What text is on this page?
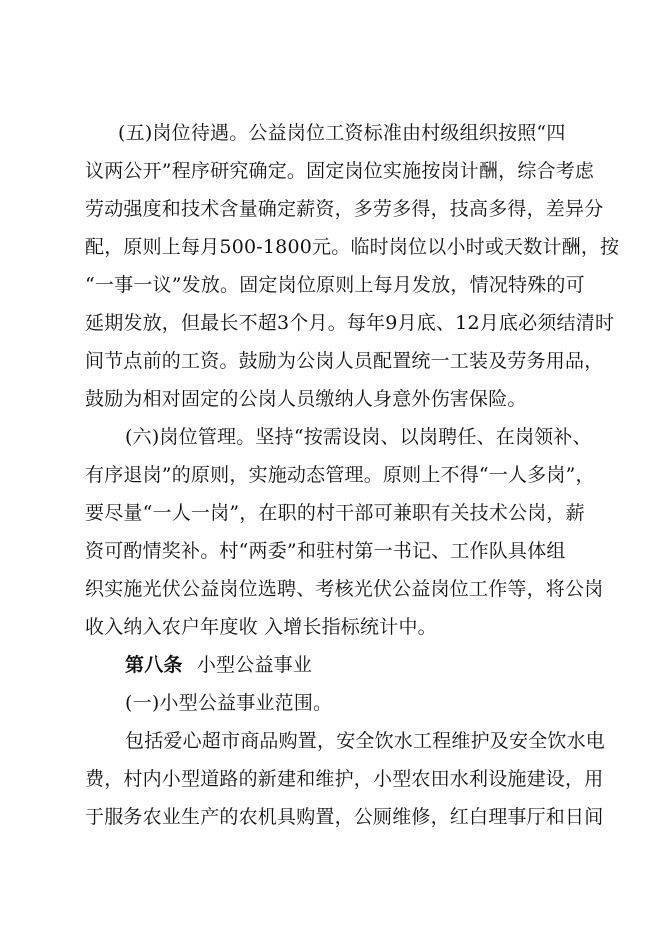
(五)岗位待遇。公益岗位工资标准由村级组织按照“四
议两公开”程序研究确定。固定岗位实施按岗计酬，综合考虑
劳动强度和技术含量确定薪资，多劳多得，技高多得，差异分
配，原则上每月500-1800元。临时岗位以小时或天数计酬，按
“一事一议”发放。固定岗位原则上每月发放，情况特殊的可
延期发放，但最长不超3个月。每年9月底、12月底必须结清时
间节点前的工资。鼓励为公岗人员配置统一工装及劳务用品，
鼓励为相对固定的公岗人员缴纳人身意外伤害保险。
(六)岗位管理。坚持“按需设岗、以岗聘任、在岗领补、
有序退岗”的原则，实施动态管理。原则上不得“一人多岗”，
要尽量“一人一岗”，在职的村干部可兼职有关技术公岗，薪
资可酌情奖补。村“两委”和驻村第一书记、工作队具体组
织实施光伏公益岗位选聘、考核光伏公益岗位工作等，将公岗
收入纳入农户年度收 入增长指标统计中。
第八条 小型公益事业
(一)小型公益事业范围。
包括爱心超市商品购置，安全饮水工程维护及安全饮水电
费，村内小型道路的新建和维护，小型农田水利设施建设，用
于服务农业生产的农机具购置，公厕维修，红白理事厅和日间
